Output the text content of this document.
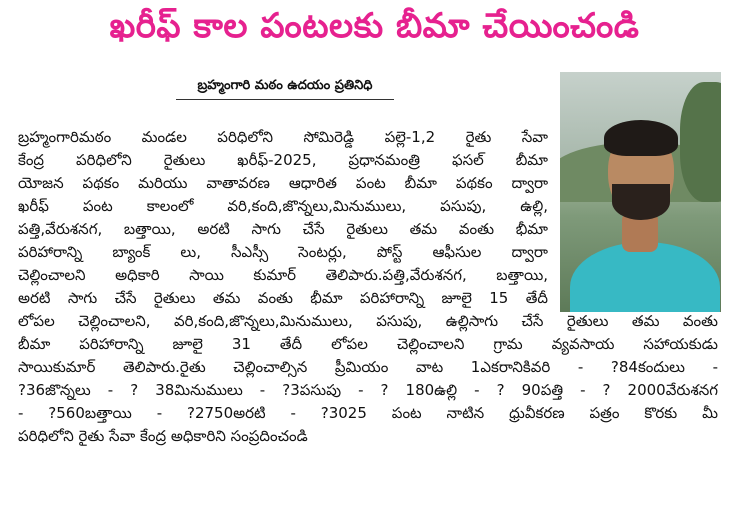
ఖరీఫ్ కాల పంటలకు బీమా చేయించండి
బ్రహ్మంగారి మఠం ఉదయం ప్రతినిధి
బ్రహ్మంగారిమఠం మండల పరిధిలోని సోమిరెడ్డి పల్లె-1,2 రైతు సేవా
కేంద్ర పరిధిలోని రైతులు ఖరీఫ్-2025, ప్రధానమంత్రి ఫసల్ బీమా
యోజన పథకం మరియు వాతావరణ ఆధారిత పంట బీమా పథకం ద్వారా
ఖరీఫ్ పంట కాలంలో వరి,కంది,జొన్నలు,మినుములు, పసుపు, ఉల్లి,
పత్తి,వేరుశనగ, బత్తాయి, అరటి సాగు చేసే రైతులు తమ వంతు భీమా
పరిహారాన్ని బ్యాంక్ లు, సీఎస్సీ సెంటర్లు, పోస్ట్ ఆఫీసుల ద్వారా
చెల్లించాలని అధికారి సాయి కుమార్ తెలిపారు.పత్తి,వేరుశనగ, బత్తాయి,
అరటి సాగు చేసే రైతులు తమ వంతు భీమా పరిహారాన్ని జూలై 15 తేదీ
లోపల చెల్లించాలని, వరి,కంది,జొన్నలు,మినుములు, పసుపు, ఉల్లిసాగు చేసే రైతులు తమ వంతు
బీమా పరిహారాన్ని జూలై 31 తేదీ లోపల చెల్లించాలని గ్రామ వ్యవసాయ సహాయకుడు
సాయికుమార్ తెలిపారు.రైతు చెల్లించాల్సిన ప్రీమియం వాట 1ఎకరానికివరి - ?84కందులు -
?36జొన్నలు - ? 38మినుములు - ?3పసుపు - ? 180ఉల్లి - ? 90పత్తి - ? 2000వేరుశనగ
- ?560బత్తాయి - ?2750అరటి - ?3025 పంట నాటిన ధ్రువీకరణ పత్రం కొరకు మీ
పరిధిలోని రైతు సేవా కేంద్ర అధికారిని సంప్రదించండి
